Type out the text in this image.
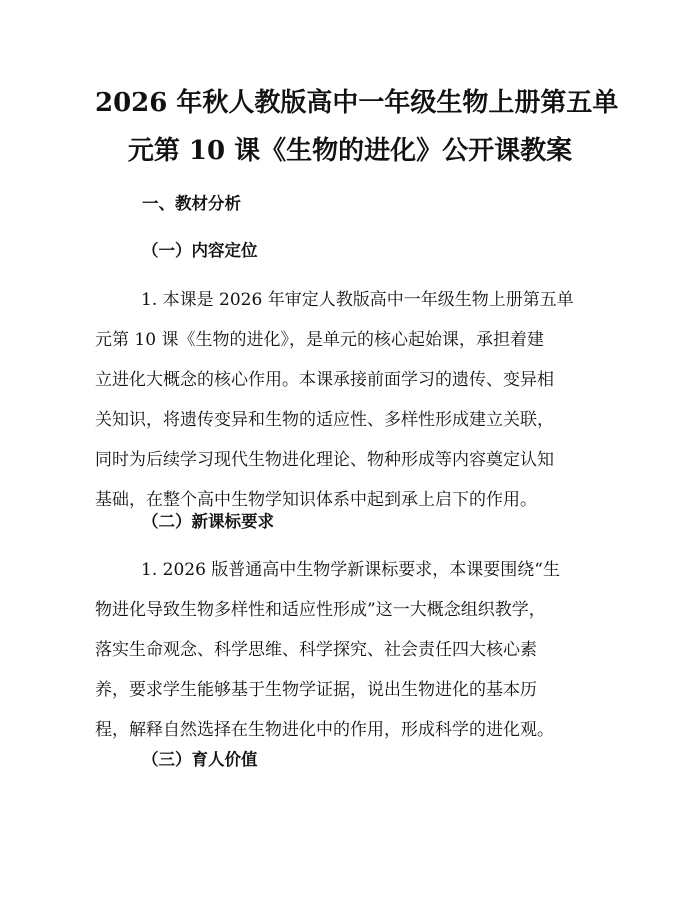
2026 年秋人教版高中一年级生物上册第五单
元第 10 课《生物的进化》公开课教案
一、教材分析
（一）内容定位

1. 本课是 2026 年审定人教版高中一年级生物上册第五单
元第 10 课《生物的进化》，是单元的核心起始课，承担着建
立进化大概念的核心作用。本课承接前面学习的遗传、变异相
关知识，将遗传变异和生物的适应性、多样性形成建立关联，
同时为后续学习现代生物进化理论、物种形成等内容奠定认知
基础，在整个高中生物学知识体系中起到承上启下的作用。

（二）新课标要求

1. 2026 版普通高中生物学新课标要求，本课要围绕“生
物进化导致生物多样性和适应性形成”这一大概念组织教学，
落实生命观念、科学思维、科学探究、社会责任四大核心素
养，要求学生能够基于生物学证据，说出生物进化的基本历
程，解释自然选择在生物进化中的作用，形成科学的进化观。

（三）育人价值
